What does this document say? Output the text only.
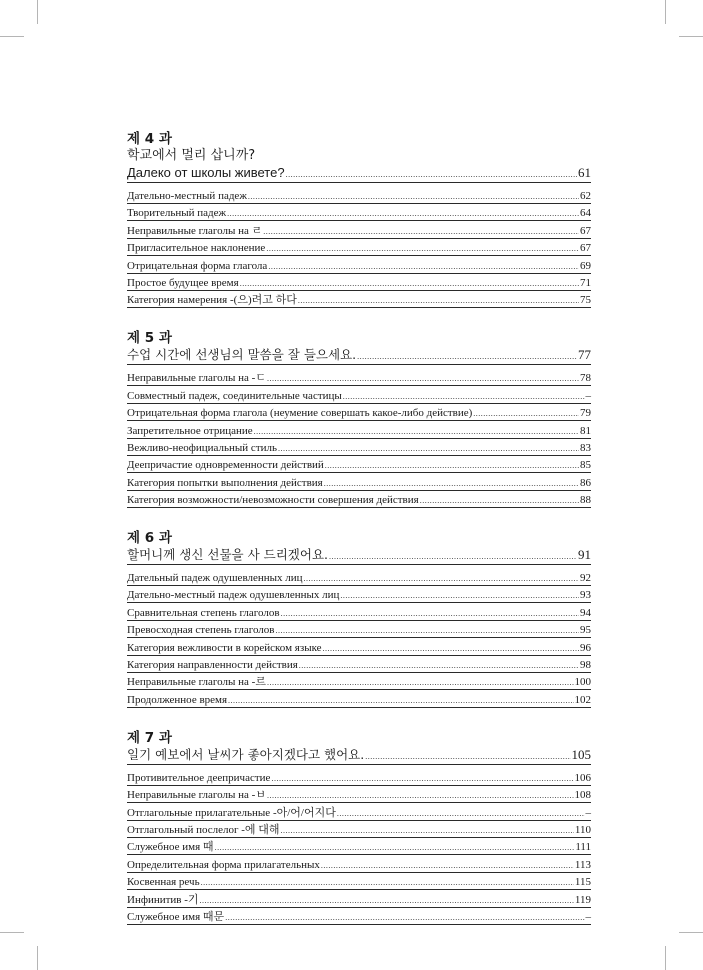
제 4 과

학교에서 멀리 삽니까?

Далеко от школы живете? .....	61
Дательно-местный падеж .....	62
Творительный падеж .....	64
Неправильные глаголы на ㄹ .....	67
Пригласительное наклонение .....	67
Отрицательная форма глагола .....	69
Простое будущее время .....	71
Категория намерения -(으)려고 하다 .....	75

제 5 과

수업 시간에 선생님의 말씀을 잘 들으세요. .....	77
Неправильные глаголы на -ㄷ .....	78
Совместный падеж, соединительные частицы .....	–
Отрицательная форма глагола (неумение совершать какое-либо действие) .....	79
Запретительное отрицание .....	81
Вежливо-неофициальный стиль .....	83
Деепричастие одновременности действий .....	85
Категория попытки выполнения действия .....	86
Категория возможности/невозможности совершения действия .....	88

제 6 과

할머니께 생신 선물을 사 드리겠어요. .....	91
Дательный падеж одушевленных лиц .....	92
Дательно-местный падеж одушевленных лиц .....	93
Сравнительная степень глаголов .....	94
Превосходная степень глаголов .....	95
Категория вежливости в корейском языке .....	96
Категория направленности действия .....	98
Неправильные глаголы на -르 .....	100
Продолженное время .....	102

제 7 과

일기 예보에서 날씨가 좋아지겠다고 했어요. .....	105
Противительное деепричастие .....	106
Неправильные глаголы на -ㅂ .....	108
Отглагольные прилагательные -아/어/어지다 .....	–
Отглагольный послелог -에 대해 .....	110
Служебное имя 때 .....	111
Определительная форма прилагательных .....	113
Косвенная речь .....	115
Инфинитив -기 .....	119
Служебное имя 때문 .....	–
